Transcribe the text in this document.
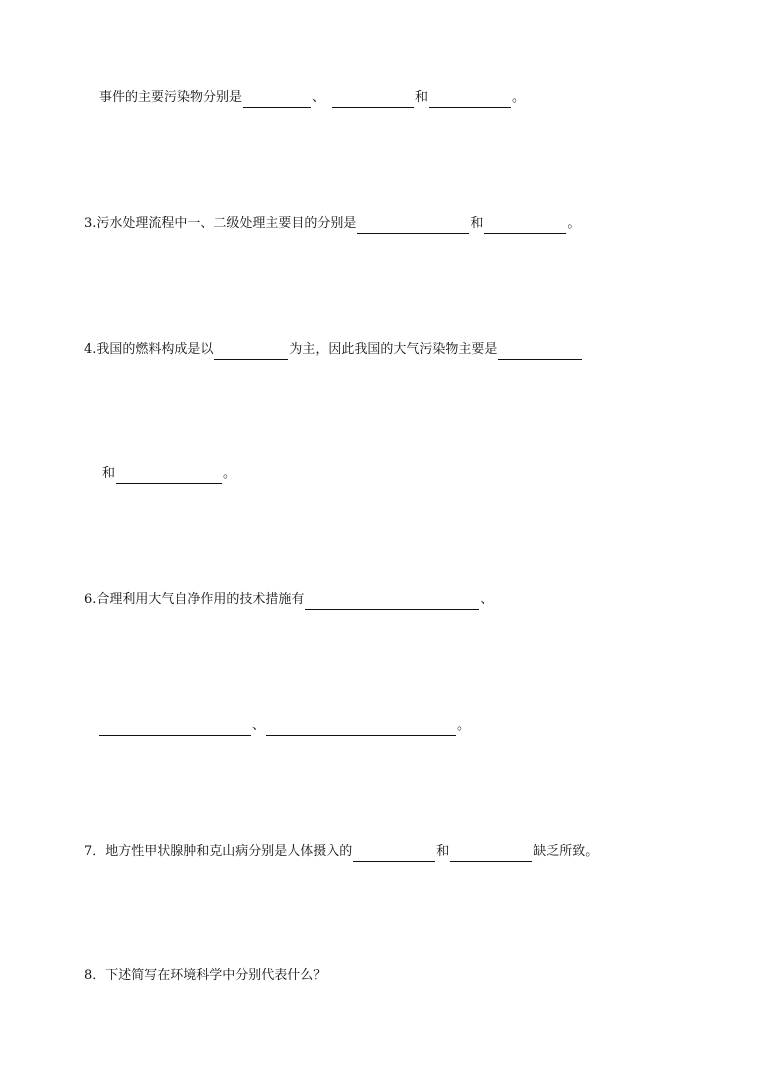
事件的主要污染物分别是	、	和	。
3.污水处理流程中一、二级处理主要目的分别是	和	。
4.我国的燃料构成是以	为主，因此我国的大气污染物主要是
和	。
6.合理利用大气自净作用的技术措施有	、
、	。
7．地方性甲状腺肿和克山病分别是人体摄入的	和	缺乏所致。
8．下述简写在环境科学中分别代表什么？
